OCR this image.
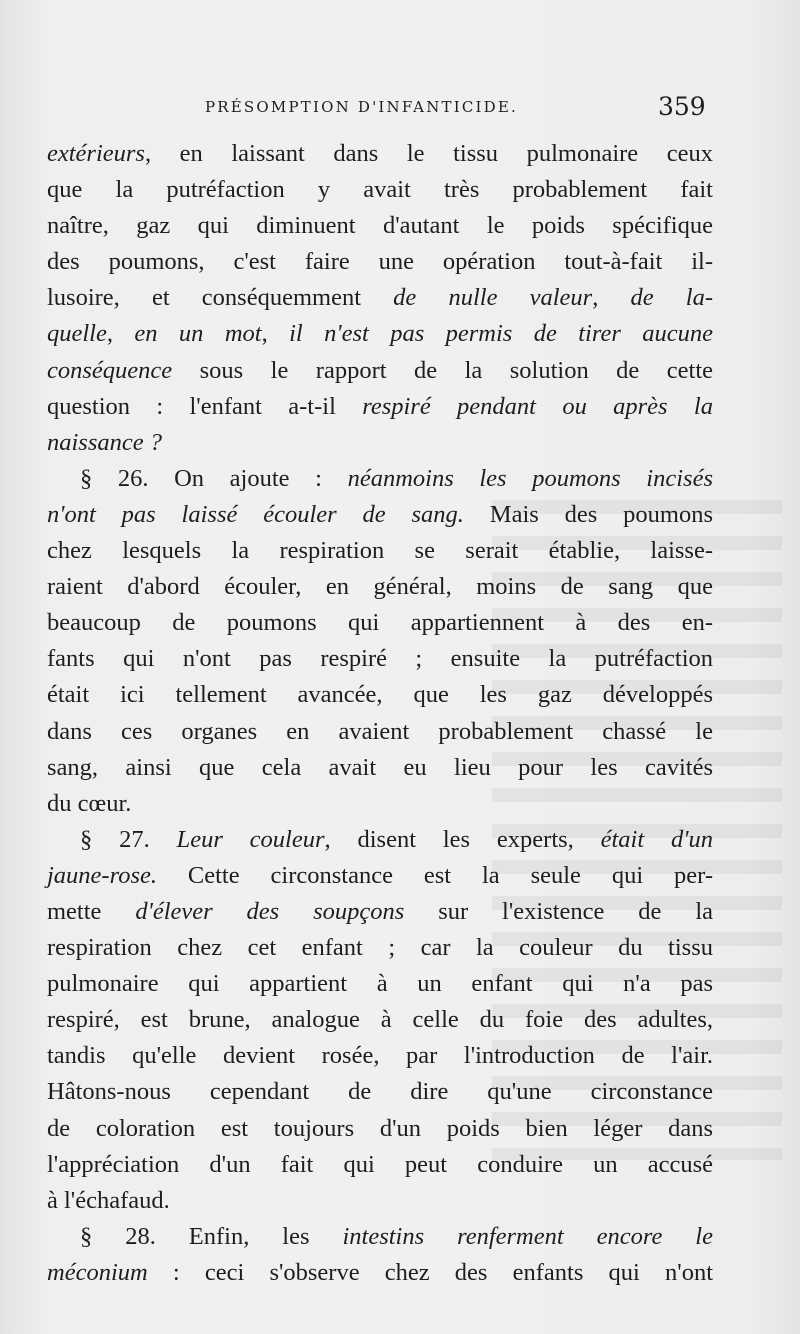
PRÉSOMPTION D'INFANTICIDE.	359
extérieurs, en laissant dans le tissu pulmonaire ceux
que la putréfaction y avait très probablement fait
naître, gaz qui diminuent d'autant le poids spécifique
des poumons, c'est faire une opération tout-à-fait il-
lusoire, et conséquemment de nulle valeur, de la-
quelle, en un mot, il n'est pas permis de tirer aucune
conséquence sous le rapport de la solution de cette
question : l'enfant a-t-il respiré pendant ou après la
naissance ?
§ 26. On ajoute : néanmoins les poumons incisés
n'ont pas laissé écouler de sang. Mais des poumons
chez lesquels la respiration se serait établie, laisse-
raient d'abord écouler, en général, moins de sang que
beaucoup de poumons qui appartiennent à des en-
fants qui n'ont pas respiré ; ensuite la putréfaction
était ici tellement avancée, que les gaz développés
dans ces organes en avaient probablement chassé le
sang, ainsi que cela avait eu lieu pour les cavités
du cœur.
§ 27. Leur couleur, disent les experts, était d'un
jaune-rose. Cette circonstance est la seule qui per-
mette d'élever des soupçons sur l'existence de la
respiration chez cet enfant ; car la couleur du tissu
pulmonaire qui appartient à un enfant qui n'a pas
respiré, est brune, analogue à celle du foie des adultes,
tandis qu'elle devient rosée, par l'introduction de l'air.
Hâtons-nous cependant de dire qu'une circonstance
de coloration est toujours d'un poids bien léger dans
l'appréciation d'un fait qui peut conduire un accusé
à l'échafaud.
§ 28. Enfin, les intestins renferment encore le
méconium : ceci s'observe chez des enfants qui n'ont
